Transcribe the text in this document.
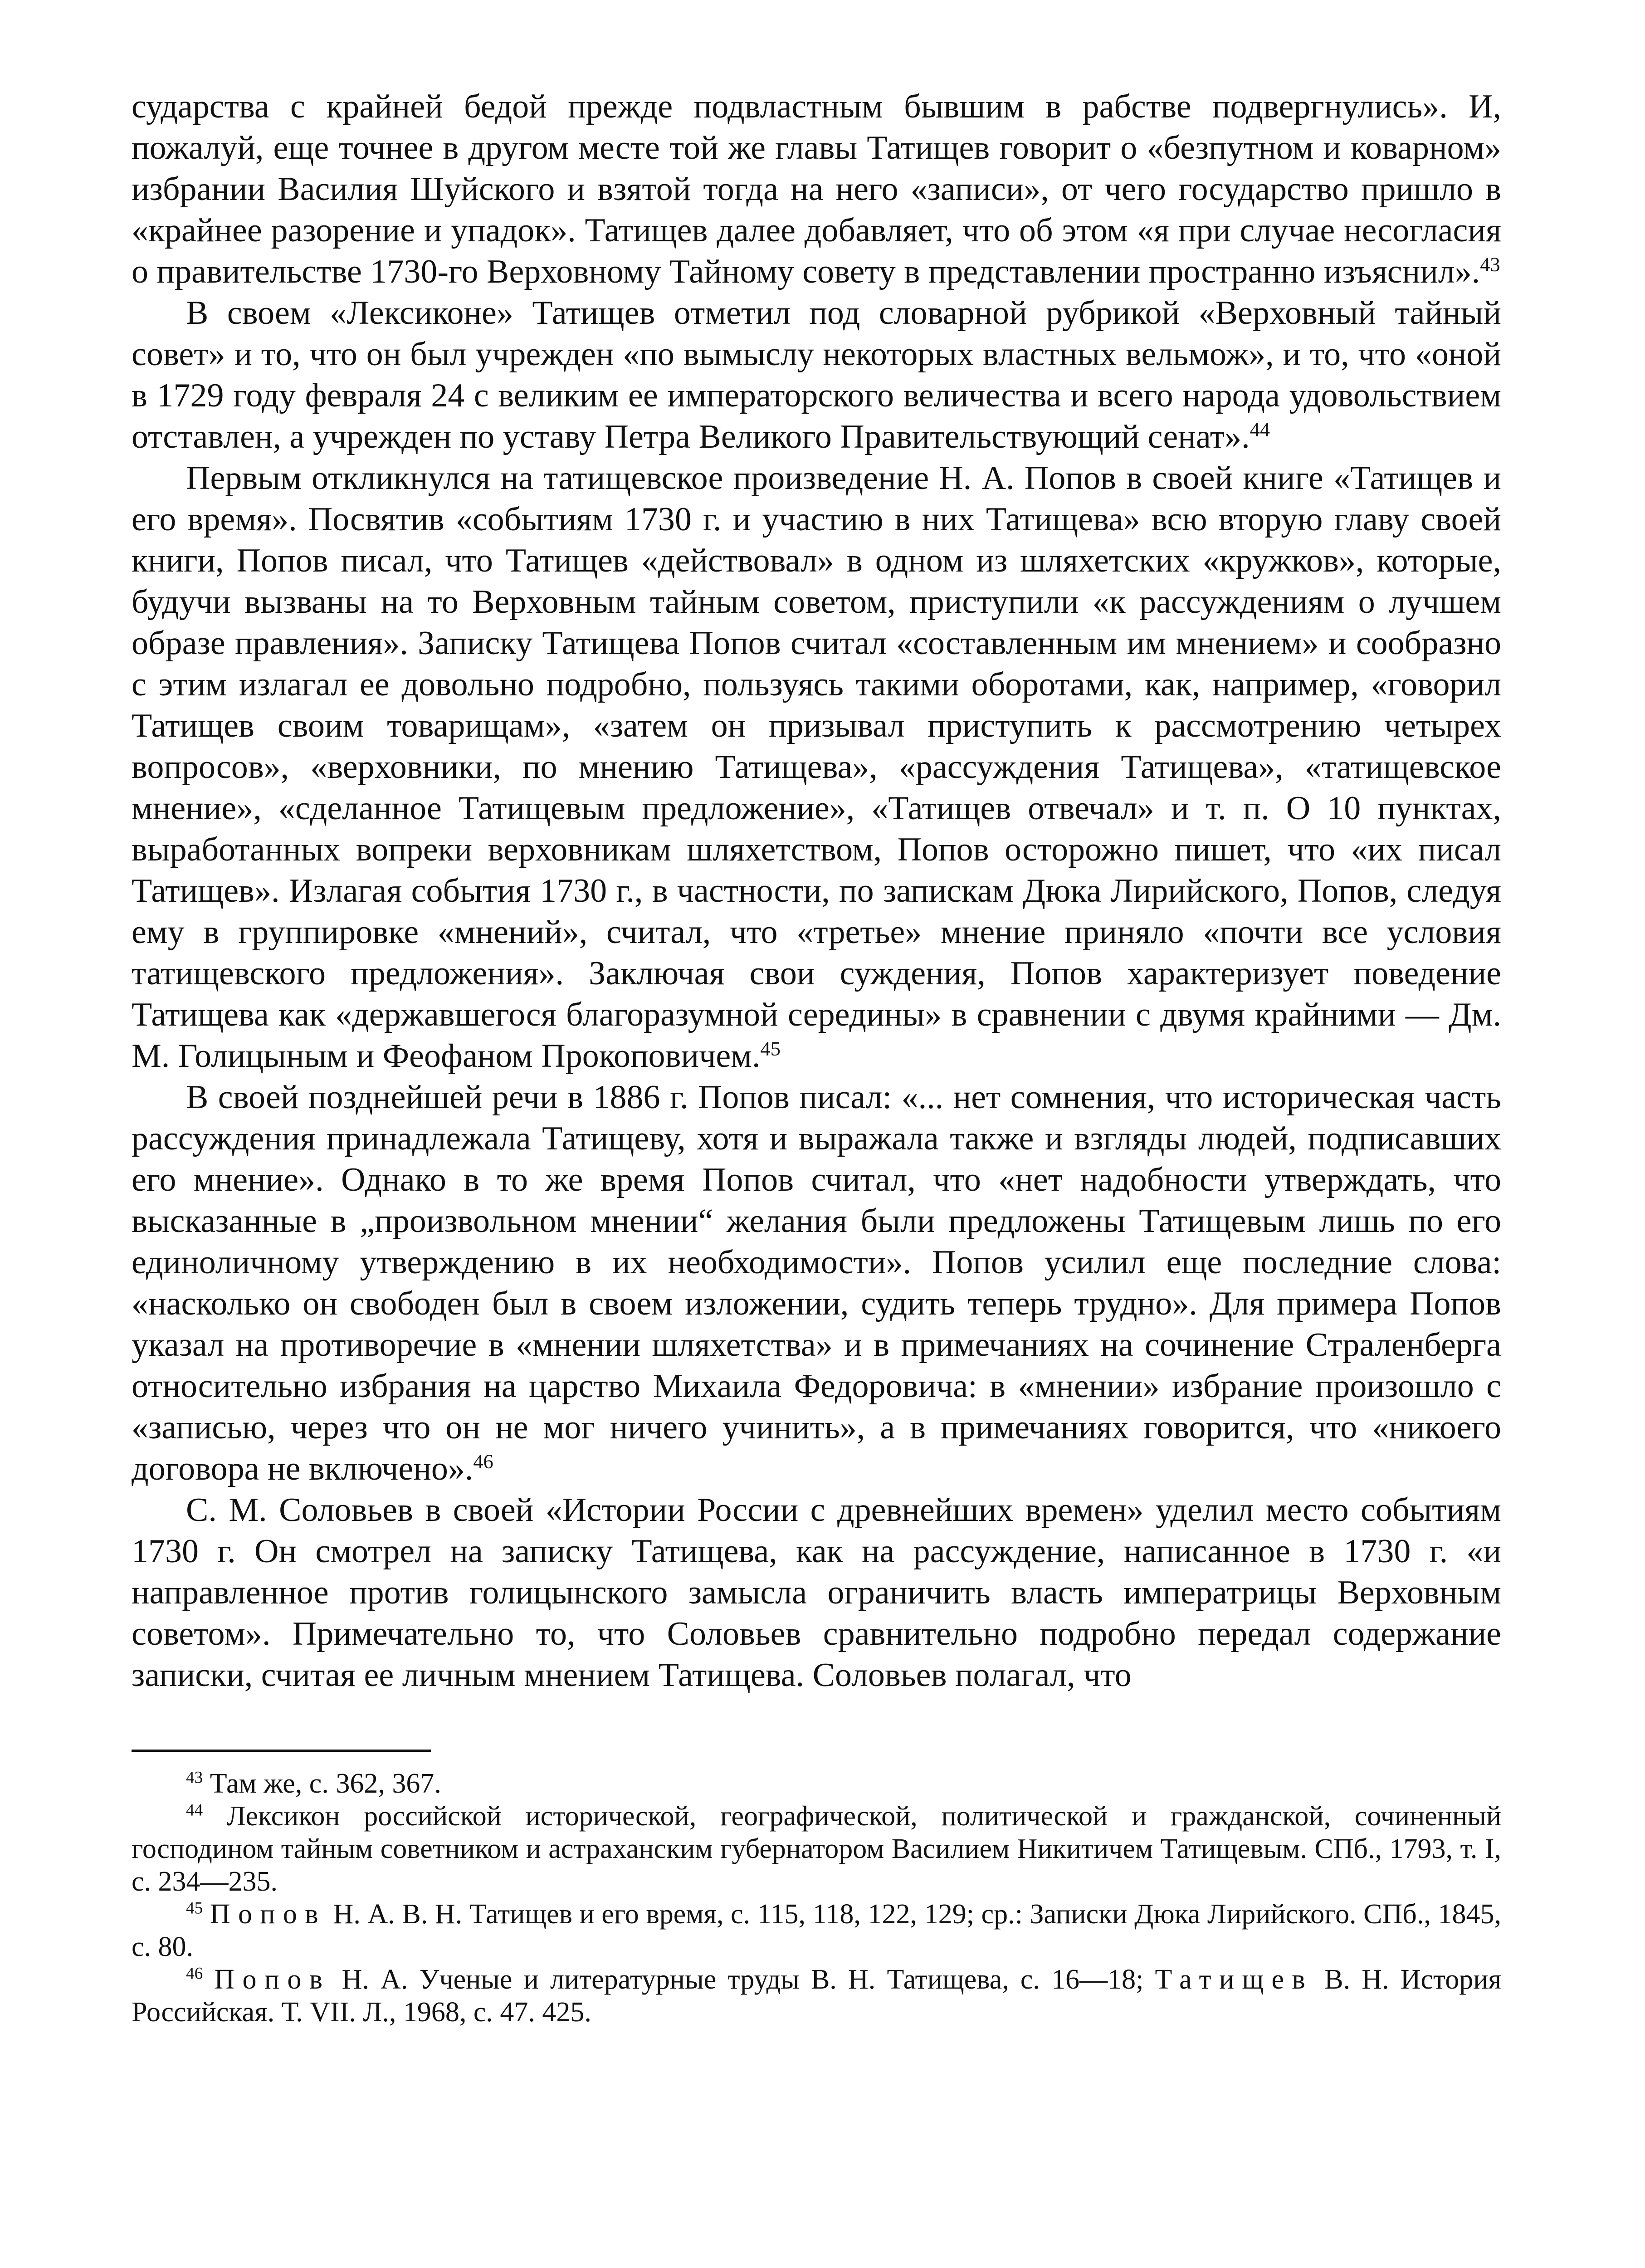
сударства с крайней бедой прежде подвластным бывшим в рабстве подвергнулись». И, пожалуй, еще точнее в другом месте той же главы Татищев говорит о «безпутном и коварном» избрании Василия Шуйского и взятой тогда на него «записи», от чего государство пришло в «крайнее разорение и упадок». Татищев далее добавляет, что об этом «я при случае несогласия о правительстве 1730-го Верховному Тайному совету в представлении пространно изъяснил».$^{43}$

В своем «Лексиконе» Татищев отметил под словарной рубрикой «Верховный тайный совет» и то, что он был учрежден «по вымыслу некоторых властных вельмож», и то, что «оной в 1729 году февраля 24 с великим ее императорского величества и всего народа удовольствием отставлен, а учрежден по уставу Петра Великого Правительствующий сенат».$^{44}$

Первым откликнулся на татищевское произведение Н. А. Попов в своей книге «Татищев и его время». Посвятив «событиям 1730 г. и участию в них Татищева» всю вторую главу своей книги, Попов писал, что Татищев «действовал» в одном из шляхетских «кружков», которые, будучи вызваны на то Верховным тайным советом, приступили «к рассуждениям о лучшем образе правления». Записку Татищева Попов считал «составленным им мнением» и сообразно с этим излагал ее довольно подробно, пользуясь такими оборотами, как, например, «говорил Татищев своим товарищам», «затем он призывал приступить к рассмотрению четырех вопросов», «верховники, по мнению Татищева», «рассуждения Татищева», «татищевское мнение», «сделанное Татищевым предложение», «Татищев отвечал» и т. п. О 10 пунктах, выработанных вопреки верховникам шляхетством, Попов осторожно пишет, что «их писал Татищев». Излагая события 1730 г., в частности, по запискам Дюка Лирийского, Попов, следуя ему в группировке «мнений», считал, что «третье» мнение приняло «почти все условия татищевского предложения». Заключая свои суждения, Попов характеризует поведение Татищева как «державшегося благоразумной середины» в сравнении с двумя крайними — Дм. М. Голицыным и Феофаном Прокоповичем.$^{45}$

В своей позднейшей речи в 1886 г. Попов писал: «... нет сомнения, что историческая часть рассуждения принадлежала Татищеву, хотя и выражала также и взгляды людей, подписавших его мнение». Однако в то же время Попов считал, что «нет надобности утверждать, что высказанные в „произвольном мнении“ желания были предложены Татищевым лишь по его единоличному утверждению в их необходимости». Попов усилил еще последние слова: «насколько он свободен был в своем изложении, судить теперь трудно». Для примера Попов указал на противоречие в «мнении шляхетства» и в примечаниях на сочинение Страленберга относительно избрания на царство Михаила Федоровича: в «мнении» избрание произошло с «записью, через что он не мог ничего учинить», а в примечаниях говорится, что «никоего договора не включено».$^{46}$

С. М. Соловьев в своей «Истории России с древнейших времен» уделил место событиям 1730 г. Он смотрел на записку Татищева, как на рассуждение, написанное в 1730 г. «и направленное против голицынского замысла ограничить власть императрицы Верховным советом». Примечательно то, что Соловьев сравнительно подробно передал содержание записки, считая ее личным мнением Татищева. Соловьев полагал, что

$^{43}$ Там же, с. 362, 367.

$^{44}$ Лексикон российской исторической, географической, политической и гражданской, сочиненный господином тайным советником и астраханским губернатором Василием Никитичем Татищевым. СПб., 1793, т. I, с. 234—235.

$^{45}$ Попов Н. А. В. Н. Татищев и его время, с. 115, 118, 122, 129; ср.: Записки Дюка Лирийского. СПб., 1845, с. 80.

$^{46}$ Попов Н. А. Ученые и литературные труды В. Н. Татищева, с. 16—18; Татищев В. Н. История Российская. Т. VII. Л., 1968, с. 47. 425.
